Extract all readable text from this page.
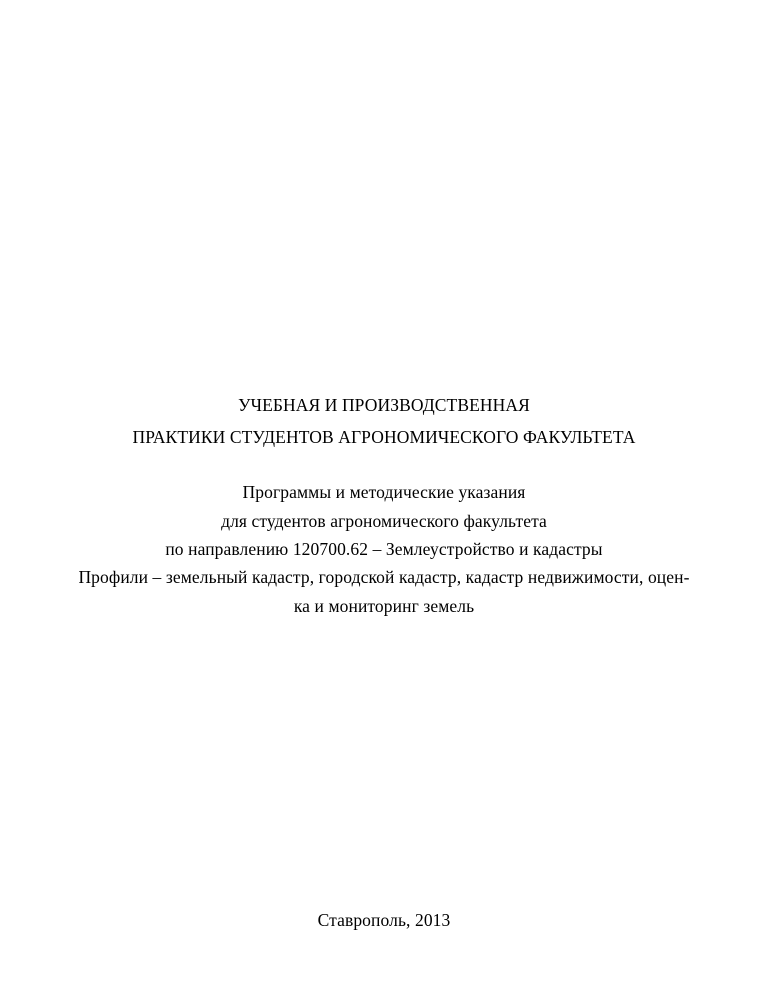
УЧЕБНАЯ И ПРОИЗВОДСТВЕННАЯ
ПРАКТИКИ СТУДЕНТОВ АГРОНОМИЧЕСКОГО ФАКУЛЬТЕТА
Программы и методические указания
для студентов агрономического факультета
по направлению 120700.62 – Землеустройство и кадастры
Профили – земельный кадастр, городской кадастр, кадастр недвижимости, оцен-
ка и мониторинг земель
Ставрополь, 2013
